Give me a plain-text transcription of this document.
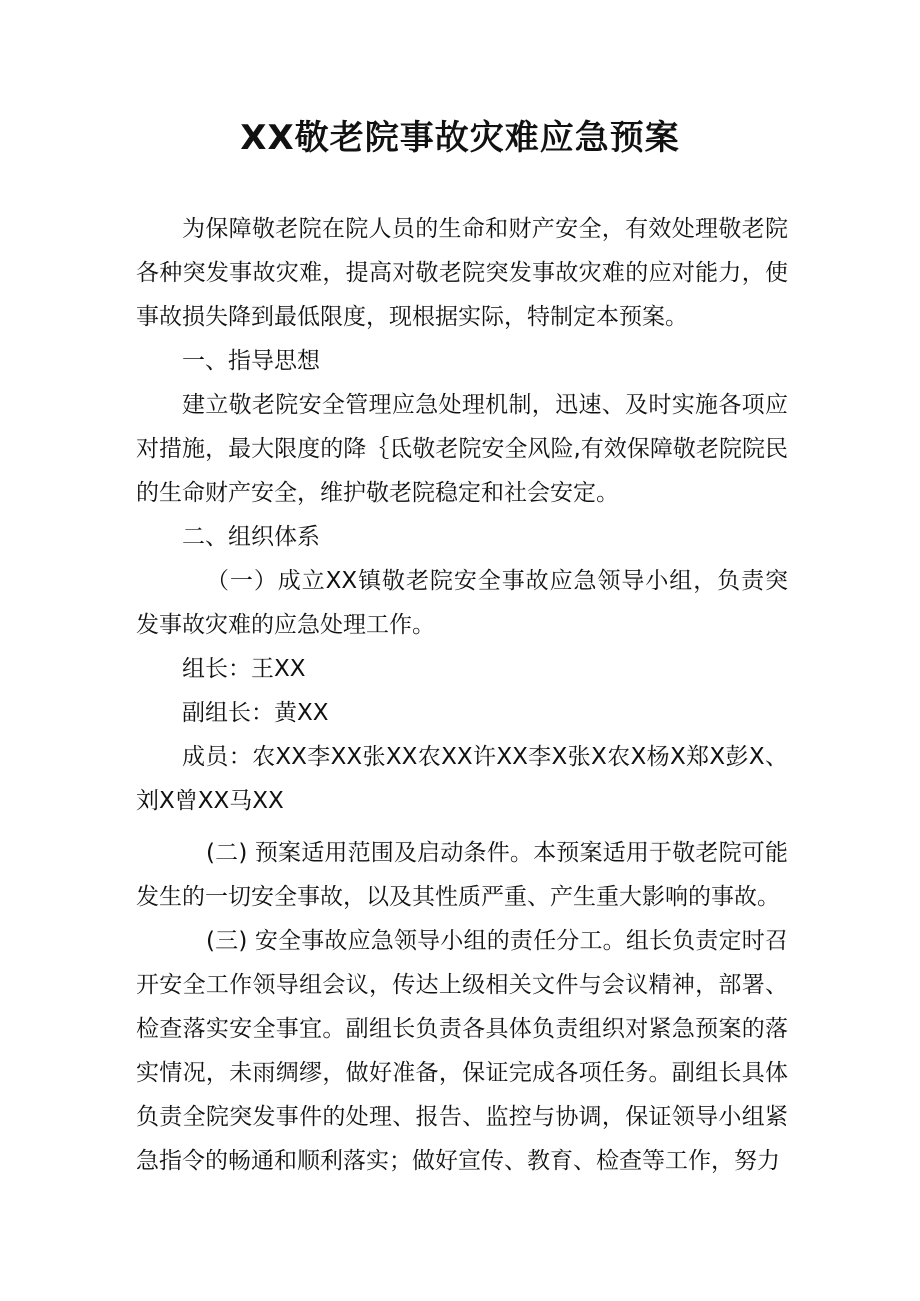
XX敬老院事故灾难应急预案

为保障敬老院在院人员的生命和财产安全，有效处理敬老院各种突发事故灾难，提高对敬老院突发事故灾难的应对能力，使事故损失降到最低限度，现根据实际，特制定本预案。

一、指导思想

建立敬老院安全管理应急处理机制，迅速、及时实施各项应对措施，最大限度的降｛氐敬老院安全风险,有效保障敬老院院民的生命财产安全，维护敬老院稳定和社会安定。

二、组织体系

（一）成立XX镇敬老院安全事故应急领导小组，负责突发事故灾难的应急处理工作。

组长：王XX

副组长：黄XX

成员：农XX李XX张XX农XX许XX李X张X农X杨X郑X彭X、刘X曾XX马XX

(二) 预案适用范围及启动条件。本预案适用于敬老院可能发生的一切安全事故，以及其性质严重、产生重大影响的事故。

(三) 安全事故应急领导小组的责任分工。组长负责定时召开安全工作领导组会议，传达上级相关文件与会议精神，部署、检查落实安全事宜。副组长负责各具体负责组织对紧急预案的落实情况，未雨绸缪，做好准备，保证完成各项任务。副组长具体负责全院突发事件的处理、报告、监控与协调，保证领导小组紧急指令的畅通和顺利落实；做好宣传、教育、检查等工作，努力
